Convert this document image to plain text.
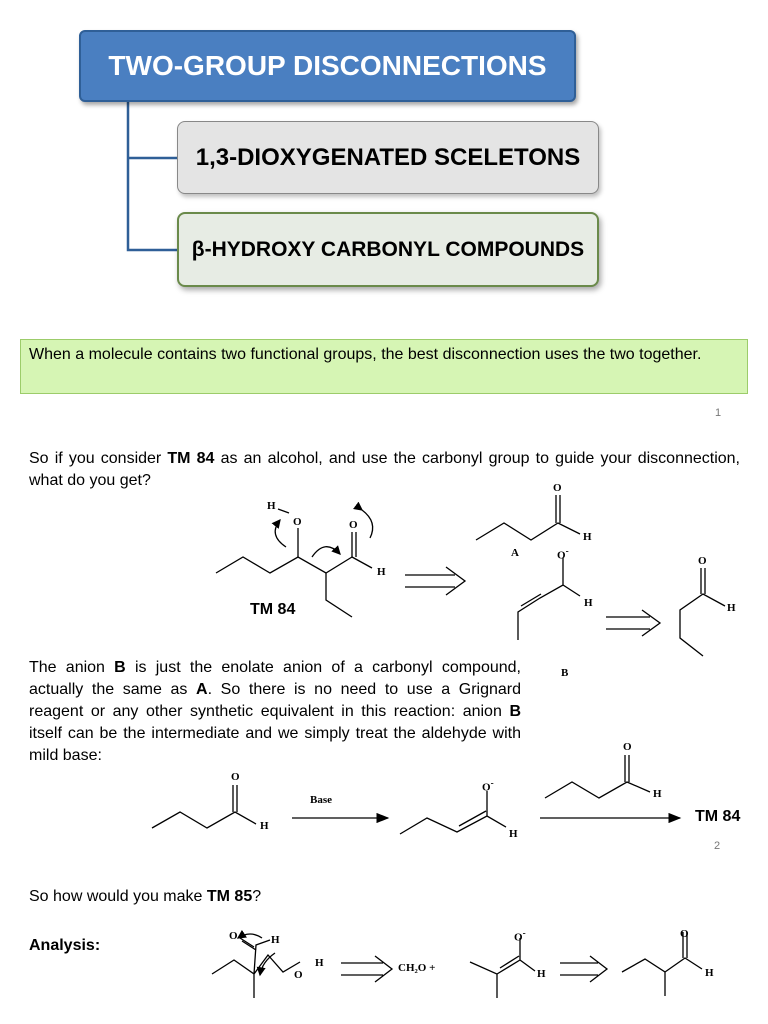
TWO-GROUP DISCONNECTIONS
1,3-DIOXYGENATED SCELETONS
β-HYDROXY CARBONYL COMPOUNDS
When a molecule contains two functional groups, the best disconnection uses the two together.
1
So if you consider TM 84 as an alcohol, and use the carbonyl group to guide your disconnection, what do you get?
The anion B is just the enolate anion of a carbonyl compound, actually the same as A. So there is no need to use a Grignard reagent or any other synthetic equivalent in this reaction: anion B itself can be the intermediate and we simply treat the aldehyde with mild base:
2
So how would you make TM 85?
Analysis:
H
O	O
H
TM 84
O
H
A	O-
H
B
O
H
O
H
Base
O-
H
O
H
TM 84
O	H
O
H	CH₂O +
O-
H
O
H
